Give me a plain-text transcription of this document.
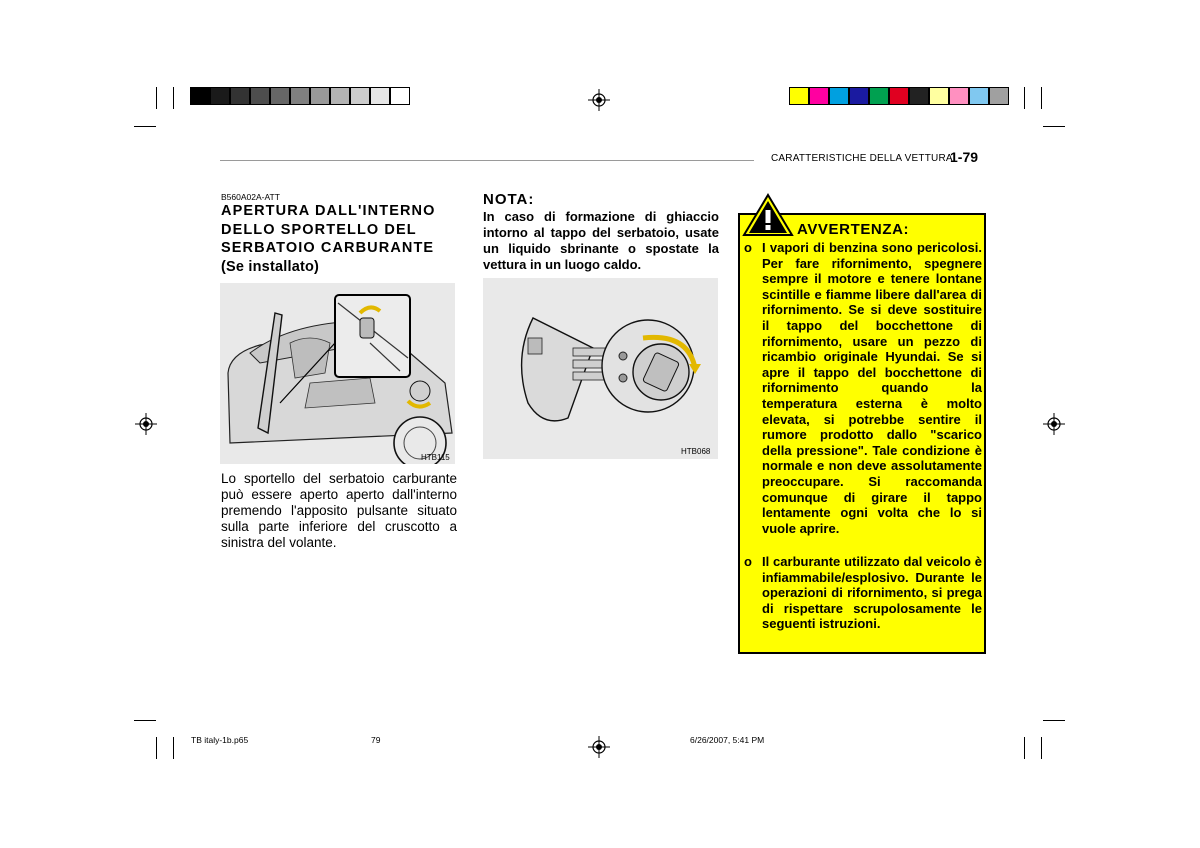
CARATTERISTICHE DELLA VETTURA
1-79
B560A02A-ATT
APERTURA DALL'INTERNO
DELLO SPORTELLO DEL
SERBATOIO CARBURANTE
(Se installato)
HTB115
Lo sportello del serbatoio carburante può essere aperto aperto dall'interno premendo l'apposito pulsante situato sulla parte inferiore del cruscotto a sinistra del volante.
NOTA:
In caso di formazione di ghiaccio intorno al tappo del serbatoio, usate un liquido sbrinante o spostate la vettura in un luogo caldo.
HTB068
AVVERTENZA:
o I vapori di benzina sono pericolosi. Per fare rifornimento, spegnere sempre il motore e tenere lontane scintille e fiamme libere dall'area di rifornimento. Se si deve sostituire il tappo del bocchettone di rifornimento, usare un pezzo di ricambio originale Hyundai. Se si apre il tappo del bocchettone di rifornimento quando la temperatura esterna è molto elevata, si potrebbe sentire il rumore prodotto dallo "scarico della pressione". Tale condizione è normale e non deve assolutamente preoccupare. Si raccomanda comunque di girare il tappo lentamente ogni volta che lo si vuole aprire.
o Il carburante utilizzato dal veicolo è infiammabile/esplosivo. Durante le operazioni di rifornimento, si prega di rispettare scrupolosamente le seguenti istruzioni.
TB italy-1b.p65	79	6/26/2007, 5:41 PM
